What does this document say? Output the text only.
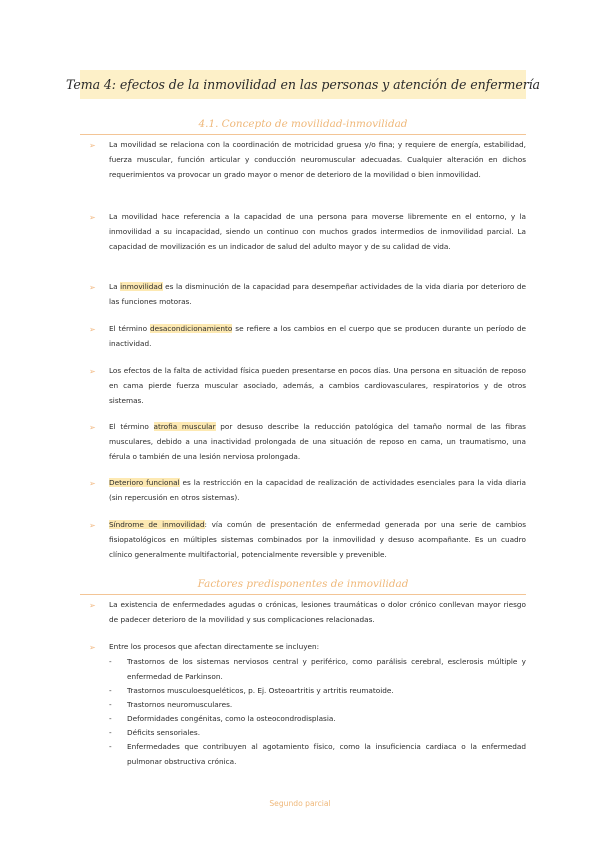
Tema 4: efectos de la inmovilidad en las personas y atención de enfermería
4.1. Concepto de movilidad-inmovilidad
➢ La movilidad se relaciona con la coordinación de motricidad gruesa y/o fina; y requiere de energía, estabilidad, fuerza muscular, función articular y conducción neuromuscular adecuadas. Cualquier alteración en dichos requerimientos va provocar un grado mayor o menor de deterioro de la movilidad o bien inmovilidad.
➢ La movilidad hace referencia a la capacidad de una persona para moverse libremente en el entorno, y la inmovilidad a su incapacidad, siendo un continuo con muchos grados intermedios de inmovilidad parcial. La capacidad de movilización es un indicador de salud del adulto mayor y de su calidad de vida.
➢ La inmovilidad es la disminución de la capacidad para desempeñar actividades de la vida diaria por deterioro de las funciones motoras.
➢ El término desacondicionamiento se refiere a los cambios en el cuerpo que se producen durante un período de inactividad.
➢ Los efectos de la falta de actividad física pueden presentarse en pocos días. Una persona en situación de reposo en cama pierde fuerza muscular asociado, además, a cambios cardiovasculares, respiratorios y de otros sistemas.
➢ El término atrofia muscular por desuso describe la reducción patológica del tamaño normal de las fibras musculares, debido a una inactividad prolongada de una situación de reposo en cama, un traumatismo, una férula o también de una lesión nerviosa prolongada.
➢ Deterioro funcional es la restricción en la capacidad de realización de actividades esenciales para la vida diaria (sin repercusión en otros sistemas).
➢ Síndrome de inmovilidad: vía común de presentación de enfermedad generada por una serie de cambios fisiopatológicos en múltiples sistemas combinados por la inmovilidad y desuso acompañante. Es un cuadro clínico generalmente multifactorial, potencialmente reversible y prevenible.
Factores predisponentes de inmovilidad
➢ La existencia de enfermedades agudas o crónicas, lesiones traumáticas o dolor crónico conllevan mayor riesgo de padecer deterioro de la movilidad y sus complicaciones relacionadas.
➢ Entre los procesos que afectan directamente se incluyen:
- Trastornos de los sistemas nerviosos central y periférico, como parálisis cerebral, esclerosis múltiple y enfermedad de Parkinson.
- Trastornos musculoesqueléticos, p. Ej. Osteoartritis y artritis reumatoide.
- Trastornos neuromusculares.
- Deformidades congénitas, como la osteocondrodisplasia.
- Déficits sensoriales.
- Enfermedades que contribuyen al agotamiento físico, como la insuficiencia cardiaca o la enfermedad pulmonar obstructiva crónica.
Segundo parcial
